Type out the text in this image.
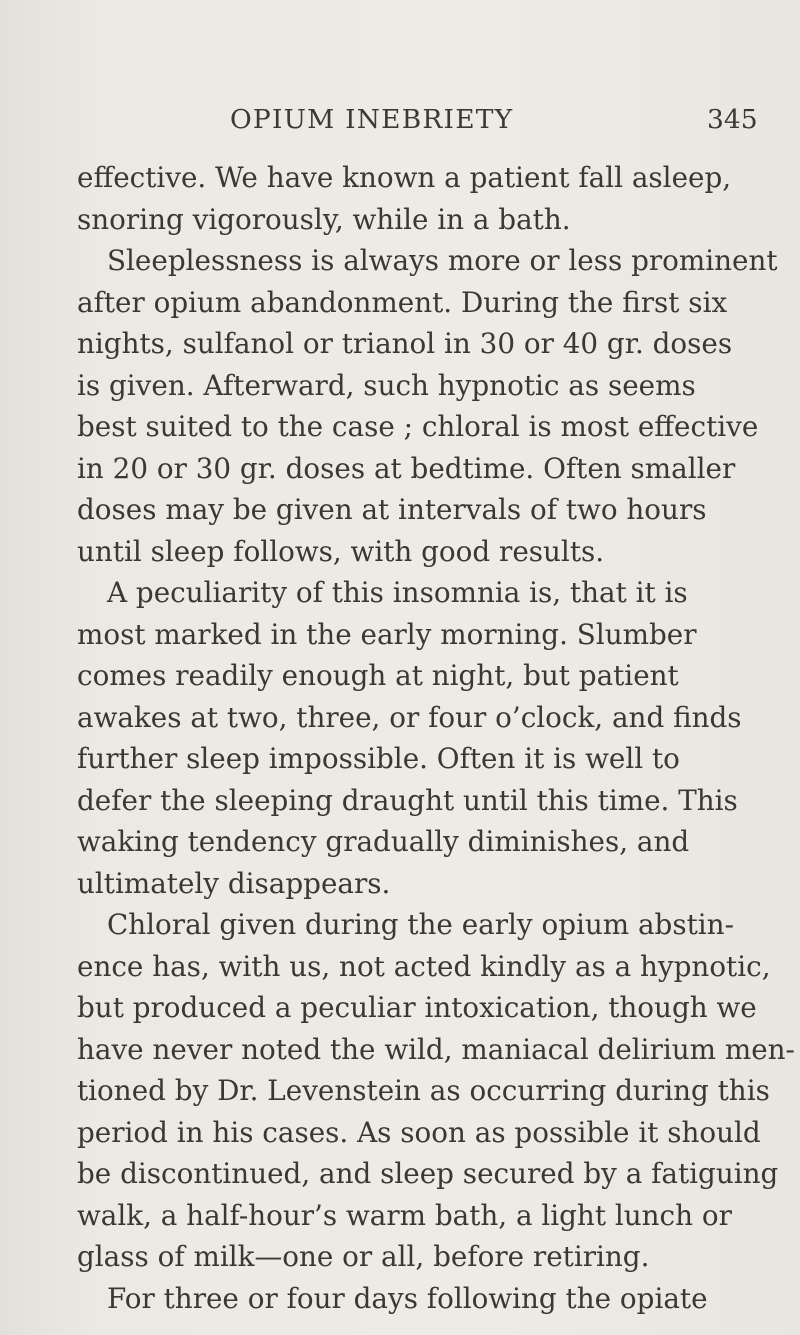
OPIUM INEBRIETY	345
effective. We have known a patient fall asleep,
snoring vigorously, while in a bath.
Sleeplessness is always more or less prominent
after opium abandonment. During the first six
nights, sulfanol or trianol in 30 or 40 gr. doses
is given. Afterward, such hypnotic as seems
best suited to the case ; chloral is most effective
in 20 or 30 gr. doses at bedtime. Often smaller
doses may be given at intervals of two hours
until sleep follows, with good results.
A peculiarity of this insomnia is, that it is
most marked in the early morning. Slumber
comes readily enough at night, but patient
awakes at two, three, or four o’clock, and finds
further sleep impossible. Often it is well to
defer the sleeping draught until this time. This
waking tendency gradually diminishes, and
ultimately disappears.
Chloral given during the early opium abstin-
ence has, with us, not acted kindly as a hypnotic,
but produced a peculiar intoxication, though we
have never noted the wild, maniacal delirium men-
tioned by Dr. Levenstein as occurring during this
period in his cases. As soon as possible it should
be discontinued, and sleep secured by a fatiguing
walk, a half-hour’s warm bath, a light lunch or
glass of milk—one or all, before retiring.
For three or four days following the opiate
